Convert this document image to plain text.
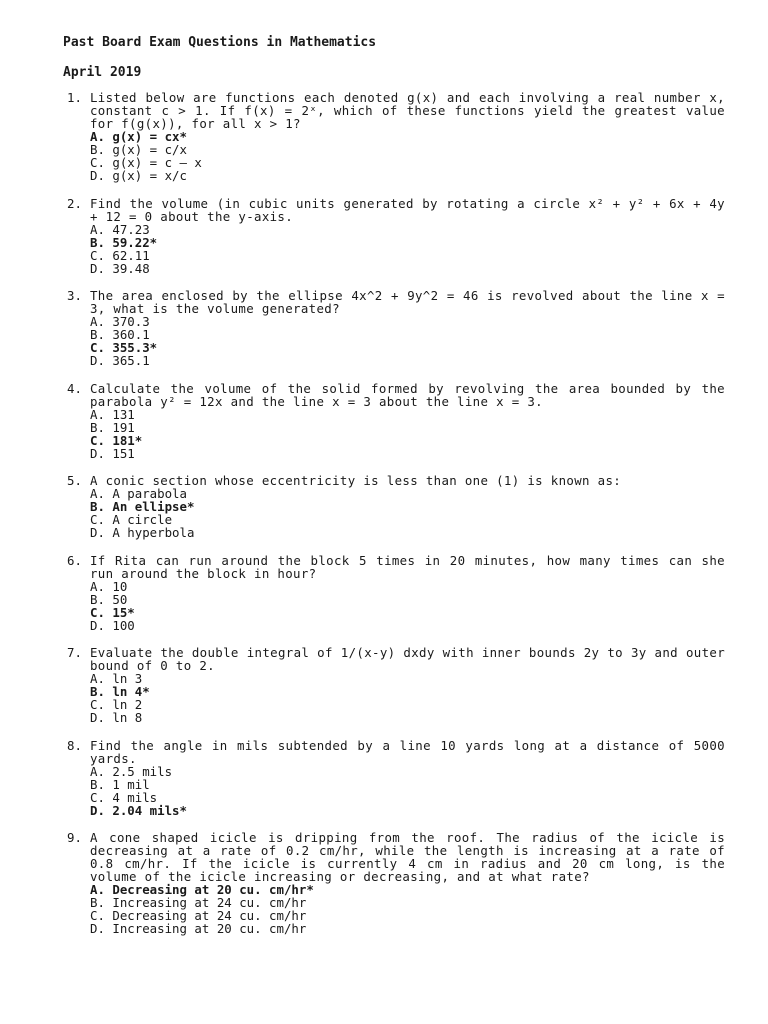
Past Board Exam Questions in Mathematics
April 2019
1. Listed below are functions each denoted g(x) and each involving a real number x, constant c > 1. If f(x) = 2ˣ, which of these functions yield the greatest value for f(g(x)), for all x > 1?
A. g(x) = cx*
B. g(x) = c/x
C. g(x) = c – x
D. g(x) = x/c
2. Find the volume (in cubic units generated by rotating a circle x² + y² + 6x + 4y + 12 = 0 about the y-axis.
A. 47.23
B. 59.22*
C. 62.11
D. 39.48
3. The area enclosed by the ellipse 4x^2 + 9y^2 = 46 is revolved about the line x = 3, what is the volume generated?
A. 370.3
B. 360.1
C. 355.3*
D. 365.1
4. Calculate the volume of the solid formed by revolving the area bounded by the parabola y² = 12x and the line x = 3 about the line x = 3.
A. 131
B. 191
C. 181*
D. 151
5. A conic section whose eccentricity is less than one (1) is known as:
A. A parabola
B. An ellipse*
C. A circle
D. A hyperbola
6. If Rita can run around the block 5 times in 20 minutes, how many times can she run around the block in hour?
A. 10
B. 50
C. 15*
D. 100
7. Evaluate the double integral of 1/(x-y) dxdy with inner bounds 2y to 3y and outer bound of 0 to 2.
A. ln 3
B. ln 4*
C. ln 2
D. ln 8
8. Find the angle in mils subtended by a line 10 yards long at a distance of 5000 yards.
A. 2.5 mils
B. 1 mil
C. 4 mils
D. 2.04 mils*
9. A cone shaped icicle is dripping from the roof. The radius of the icicle is decreasing at a rate of 0.2 cm/hr, while the length is increasing at a rate of 0.8 cm/hr. If the icicle is currently 4 cm in radius and 20 cm long, is the volume of the icicle increasing or decreasing, and at what rate?
A. Decreasing at 20 cu. cm/hr*
B. Increasing at 24 cu. cm/hr
C. Decreasing at 24 cu. cm/hr
D. Increasing at 20 cu. cm/hr
